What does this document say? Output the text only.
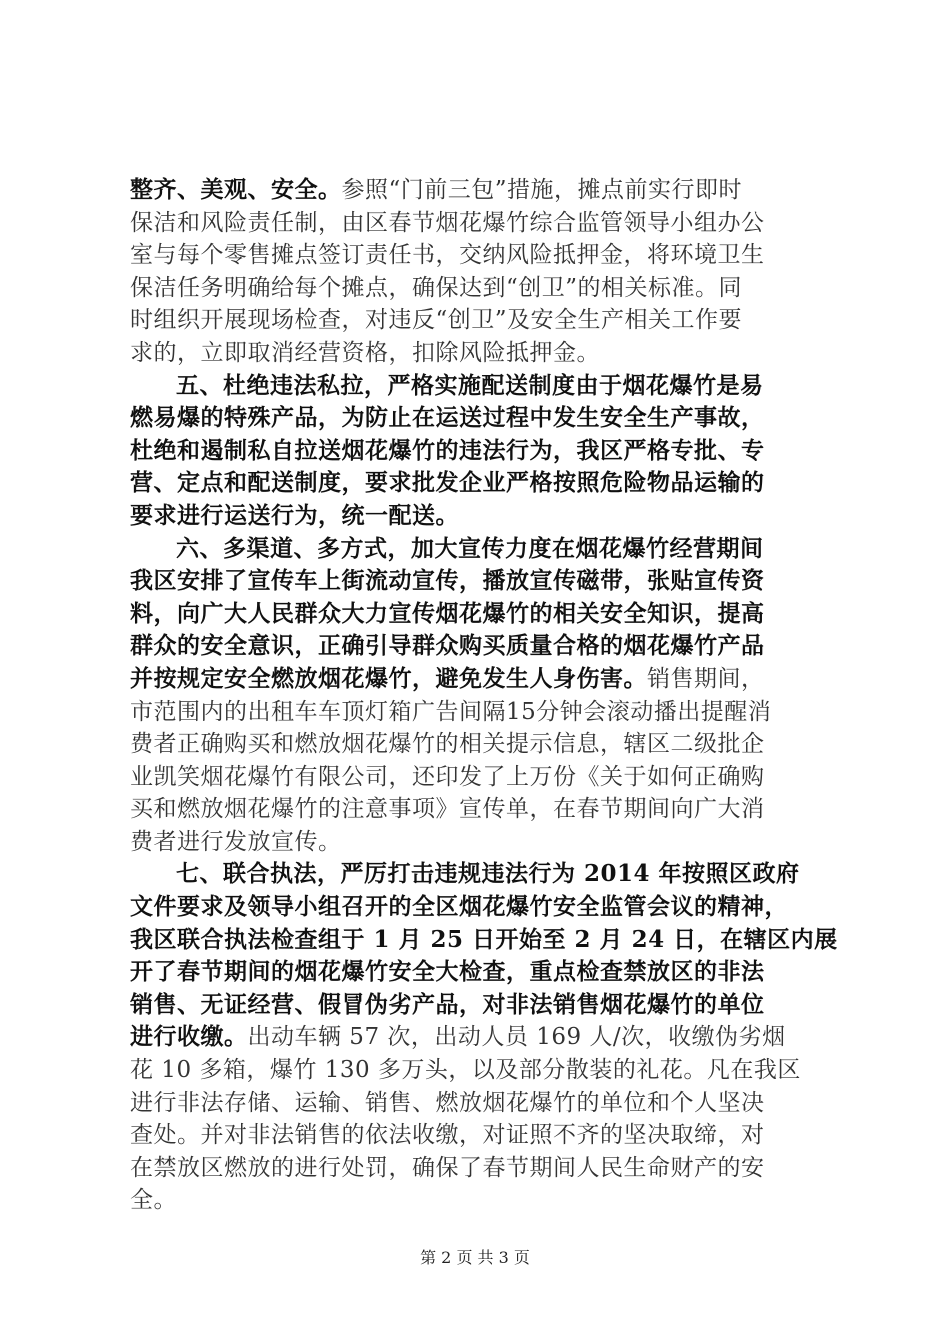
整齐、美观、安全。参照“门前三包”措施，摊点前实行即时
保洁和风险责任制，由区春节烟花爆竹综合监管领导小组办公
室与每个零售摊点签订责任书，交纳风险抵押金，将环境卫生
保洁任务明确给每个摊点，确保达到“创卫”的相关标准。同
时组织开展现场检查，对违反“创卫”及安全生产相关工作要
求的，立即取消经营资格，扣除风险抵押金。
五、杜绝违法私拉，严格实施配送制度由于烟花爆竹是易
燃易爆的特殊产品，为防止在运送过程中发生安全生产事故，
杜绝和遏制私自拉送烟花爆竹的违法行为，我区严格专批、专
营、定点和配送制度，要求批发企业严格按照危险物品运输的
要求进行运送行为，统一配送。
六、多渠道、多方式，加大宣传力度在烟花爆竹经营期间
我区安排了宣传车上街流动宣传，播放宣传磁带，张贴宣传资
料，向广大人民群众大力宣传烟花爆竹的相关安全知识，提高
群众的安全意识，正确引导群众购买质量合格的烟花爆竹产品
并按规定安全燃放烟花爆竹，避免发生人身伤害。销售期间，
市范围内的出租车车顶灯箱广告间隔15分钟会滚动播出提醒消
费者正确购买和燃放烟花爆竹的相关提示信息，辖区二级批企
业凯笑烟花爆竹有限公司，还印发了上万份《关于如何正确购
买和燃放烟花爆竹的注意事项》宣传单，在春节期间向广大消
费者进行发放宣传。
七、联合执法，严厉打击违规违法行为 2014 年按照区政府
文件要求及领导小组召开的全区烟花爆竹安全监管会议的精神，
我区联合执法检查组于 1 月 25 日开始至 2 月 24 日，在辖区内展
开了春节期间的烟花爆竹安全大检查，重点检查禁放区的非法
销售、无证经营、假冒伪劣产品，对非法销售烟花爆竹的单位
进行收缴。出动车辆 57 次，出动人员 169 人/次，收缴伪劣烟
花 10 多箱，爆竹 130 多万头，以及部分散装的礼花。凡在我区
进行非法存储、运输、销售、燃放烟花爆竹的单位和个人坚决
查处。并对非法销售的依法收缴，对证照不齐的坚决取缔，对
在禁放区燃放的进行处罚，确保了春节期间人民生命财产的安
全。
第 2 页 共 3 页
